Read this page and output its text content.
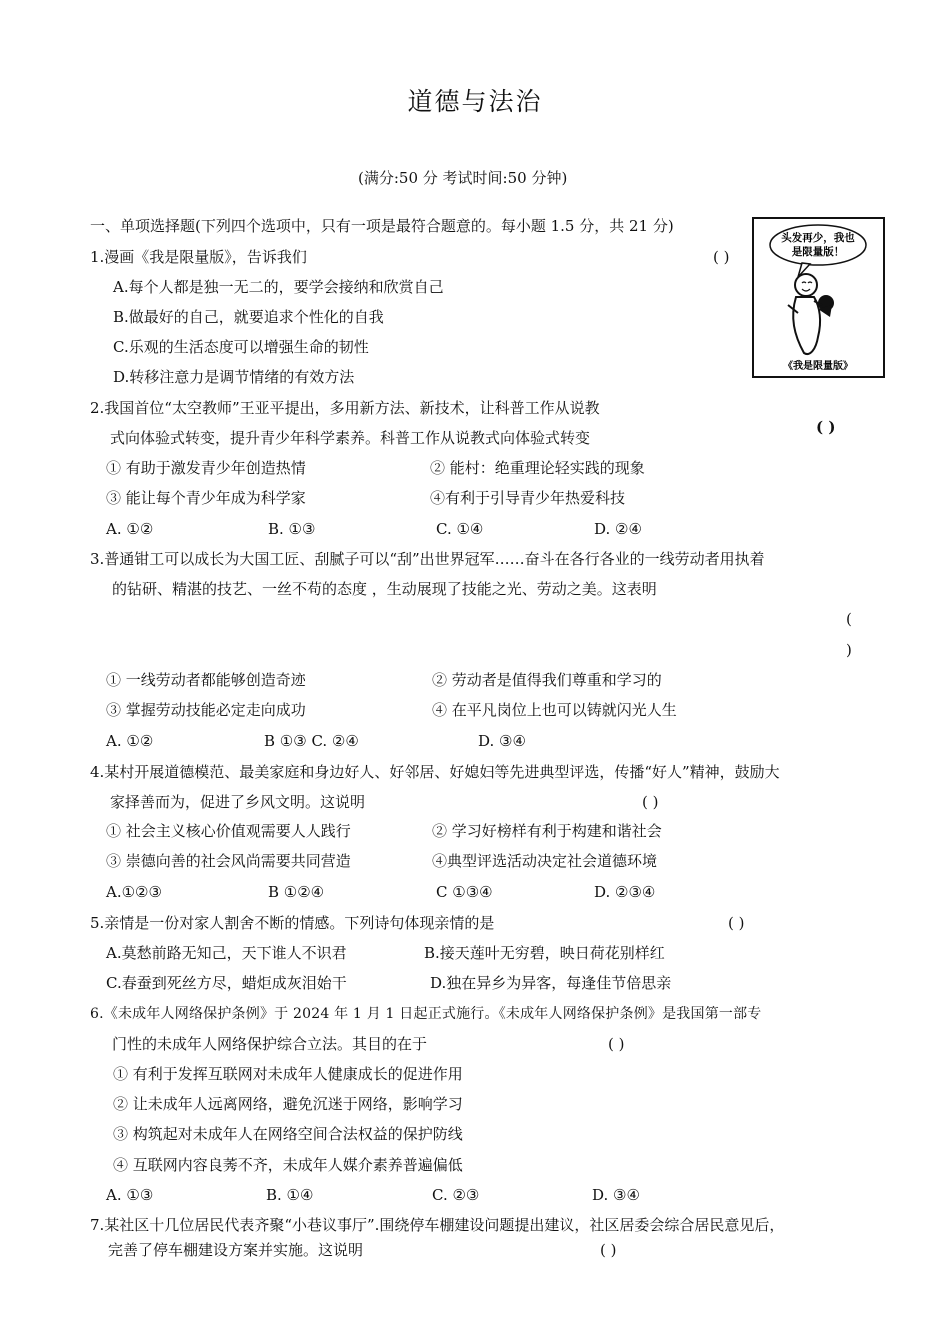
道德与法治
(满分:50 分 考试时间:50 分钟)
一、单项选择题(下列四个选项中，只有一项是最符合题意的。每小题 1.5 分，共 21 分)
头发再少，我也
是限量版！
《我是限量版》
1.漫画《我是限量版》，告诉我们	( )
A.每个人都是独一无二的，要学会接纳和欣赏自己
B.做最好的自己，就要追求个性化的自我
C.乐观的生活态度可以增强生命的韧性
D.转移注意力是调节情绪的有效方法
2.我国首位“太空教师”王亚平提出，多用新方法、新技术，让科普工作从说教
式向体验式转变，提升青少年科学素养。科普工作从说教式向体验式转变
( )
① 有助于激发青少年创造热情	② 能村：绝重理论轻实践的现象
③ 能让每个青少年成为科学家	④有利于引导青少年热爱科技
A. ①②	B. ①③	C. ①④	D. ②④
3.普通钳工可以成长为大国工匠、刮腻子可以“刮”出世界冠军……奋斗在各行各业的一线劳动者用执着
的钻研、精湛的技艺、一丝不苟的态度 ，生动展现了技能之光、劳动之美。这表明
(
)
① 一线劳动者都能够创造奇迹	② 劳动者是值得我们尊重和学习的
③ 掌握劳动技能必定走向成功	④ 在平凡岗位上也可以铸就闪光人生
A. ①②	B ①③ C. ②④	D. ③④
4.某村开展道德模范、最美家庭和身边好人、好邻居、好媳妇等先进典型评选，传播“好人”精神，鼓励大
家择善而为，促进了乡风文明。这说明	( )
① 社会主义核心价值观需要人人践行	② 学习好榜样有利于构建和谐社会
③ 崇德向善的社会风尚需要共同营造	④典型评选活动决定社会道德环境
A.①②③	B ①②④	C ①③④	D. ②③④
5.亲情是一份对家人割舍不断的情感。下列诗句体现亲情的是	( )
A.莫愁前路无知己，天下谁人不识君	B.接天莲叶无穷碧，映日荷花别样红
C.春蚕到死丝方尽，蜡炬成灰泪始干	D.独在异乡为异客，每逢佳节倍思亲
6.《未成年人网络保护条例》于 2024 年 1 月 1 日起正式施行。《未成年人网络保护条例》是我国第一部专
门性的未成年人网络保护综合立法。其目的在于	( )
① 有利于发挥互联网对未成年人健康成长的促进作用
② 让未成年人远离网络，避免沉迷于网络，影响学习
③ 构筑起对未成年人在网络空间合法权益的保护防线
④ 互联网内容良莠不齐，未成年人媒介素养普遍偏低
A. ①③	B. ①④	C. ②③	D. ③④
7.某社区十几位居民代表齐聚“小巷议事厅”.围绕停车棚建设问题提出建议，社区居委会综合居民意见后，
完善了停车棚建设方案并实施。这说明	( )
